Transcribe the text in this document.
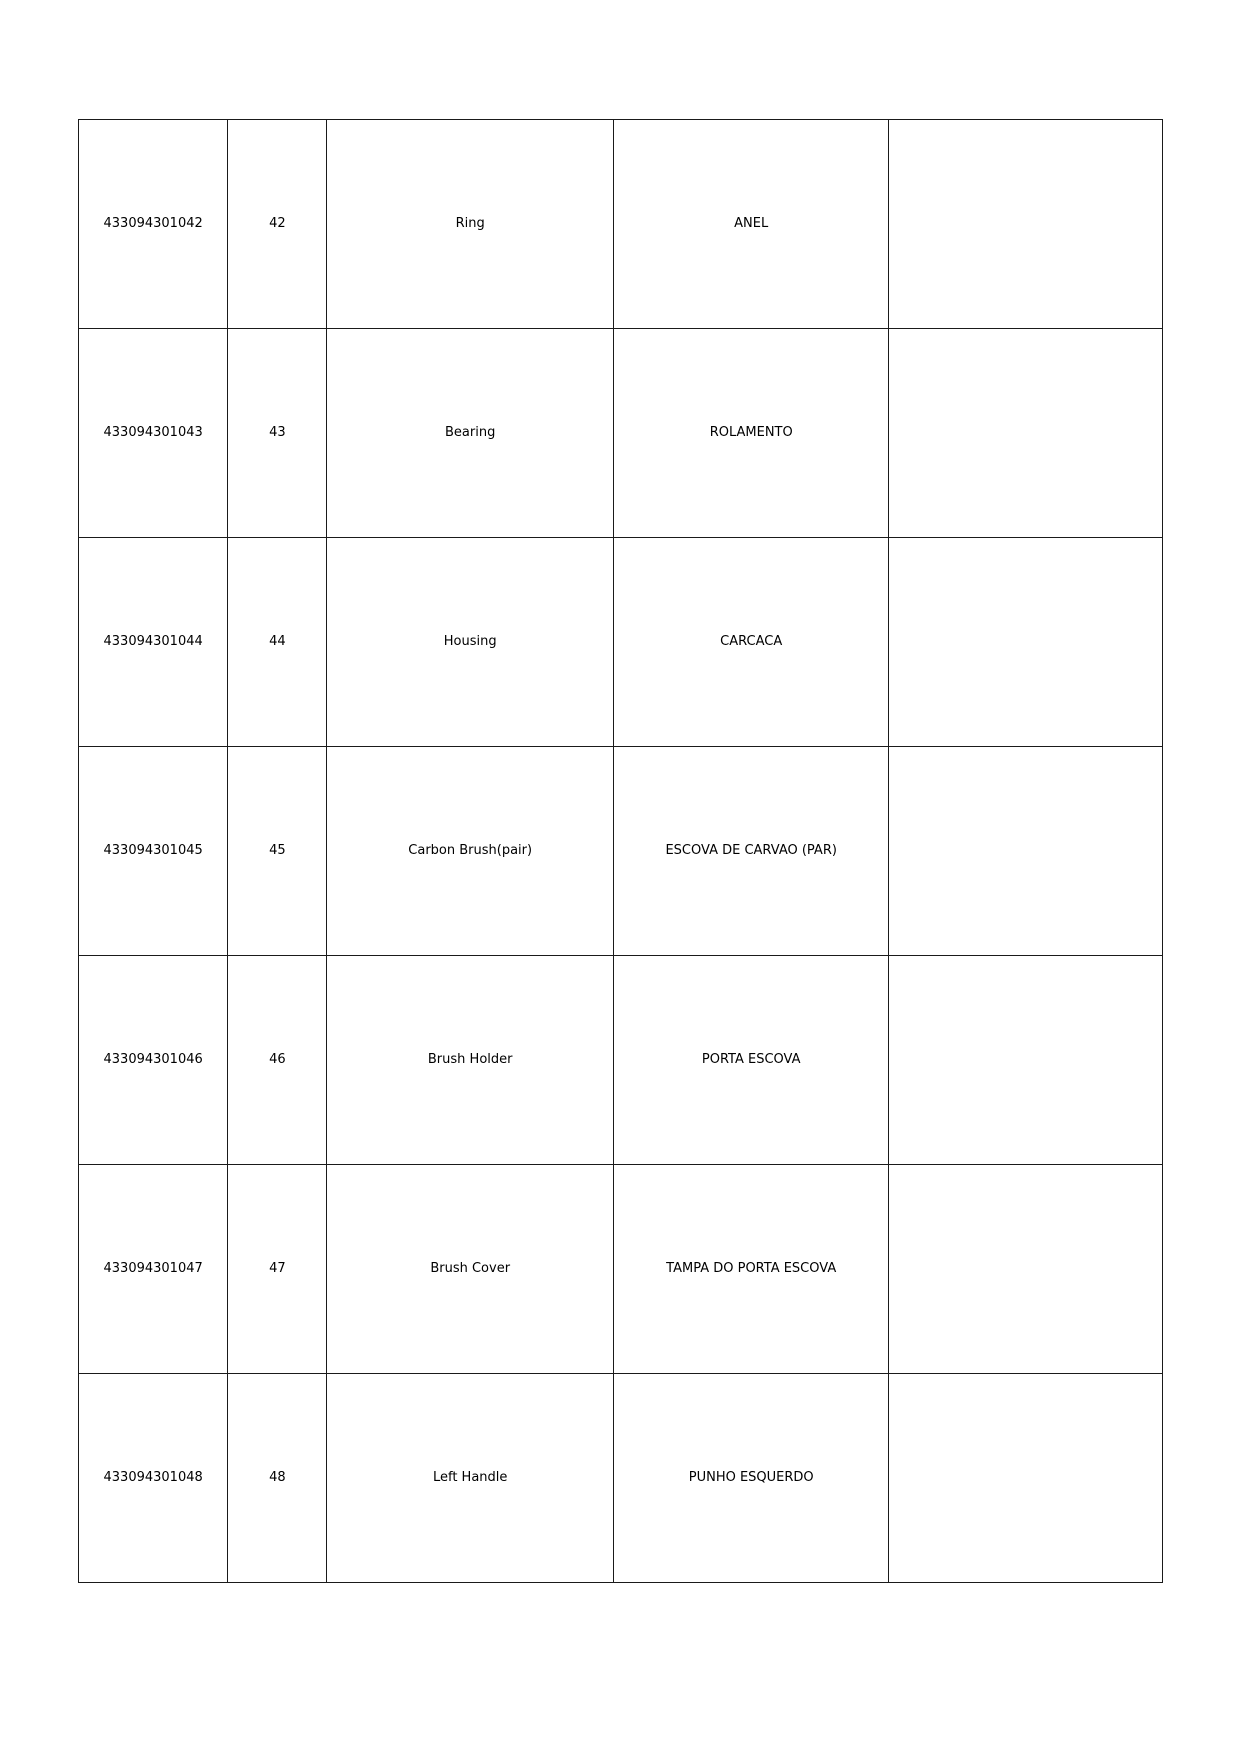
433094301042	42	Ring	ANEL	
433094301043	43	Bearing	ROLAMENTO	
433094301044	44	Housing	CARCACA	
433094301045	45	Carbon Brush(pair)	ESCOVA DE CARVAO (PAR)	
433094301046	46	Brush Holder	PORTA ESCOVA	
433094301047	47	Brush Cover	TAMPA DO PORTA ESCOVA	
433094301048	48	Left Handle	PUNHO ESQUERDO	
